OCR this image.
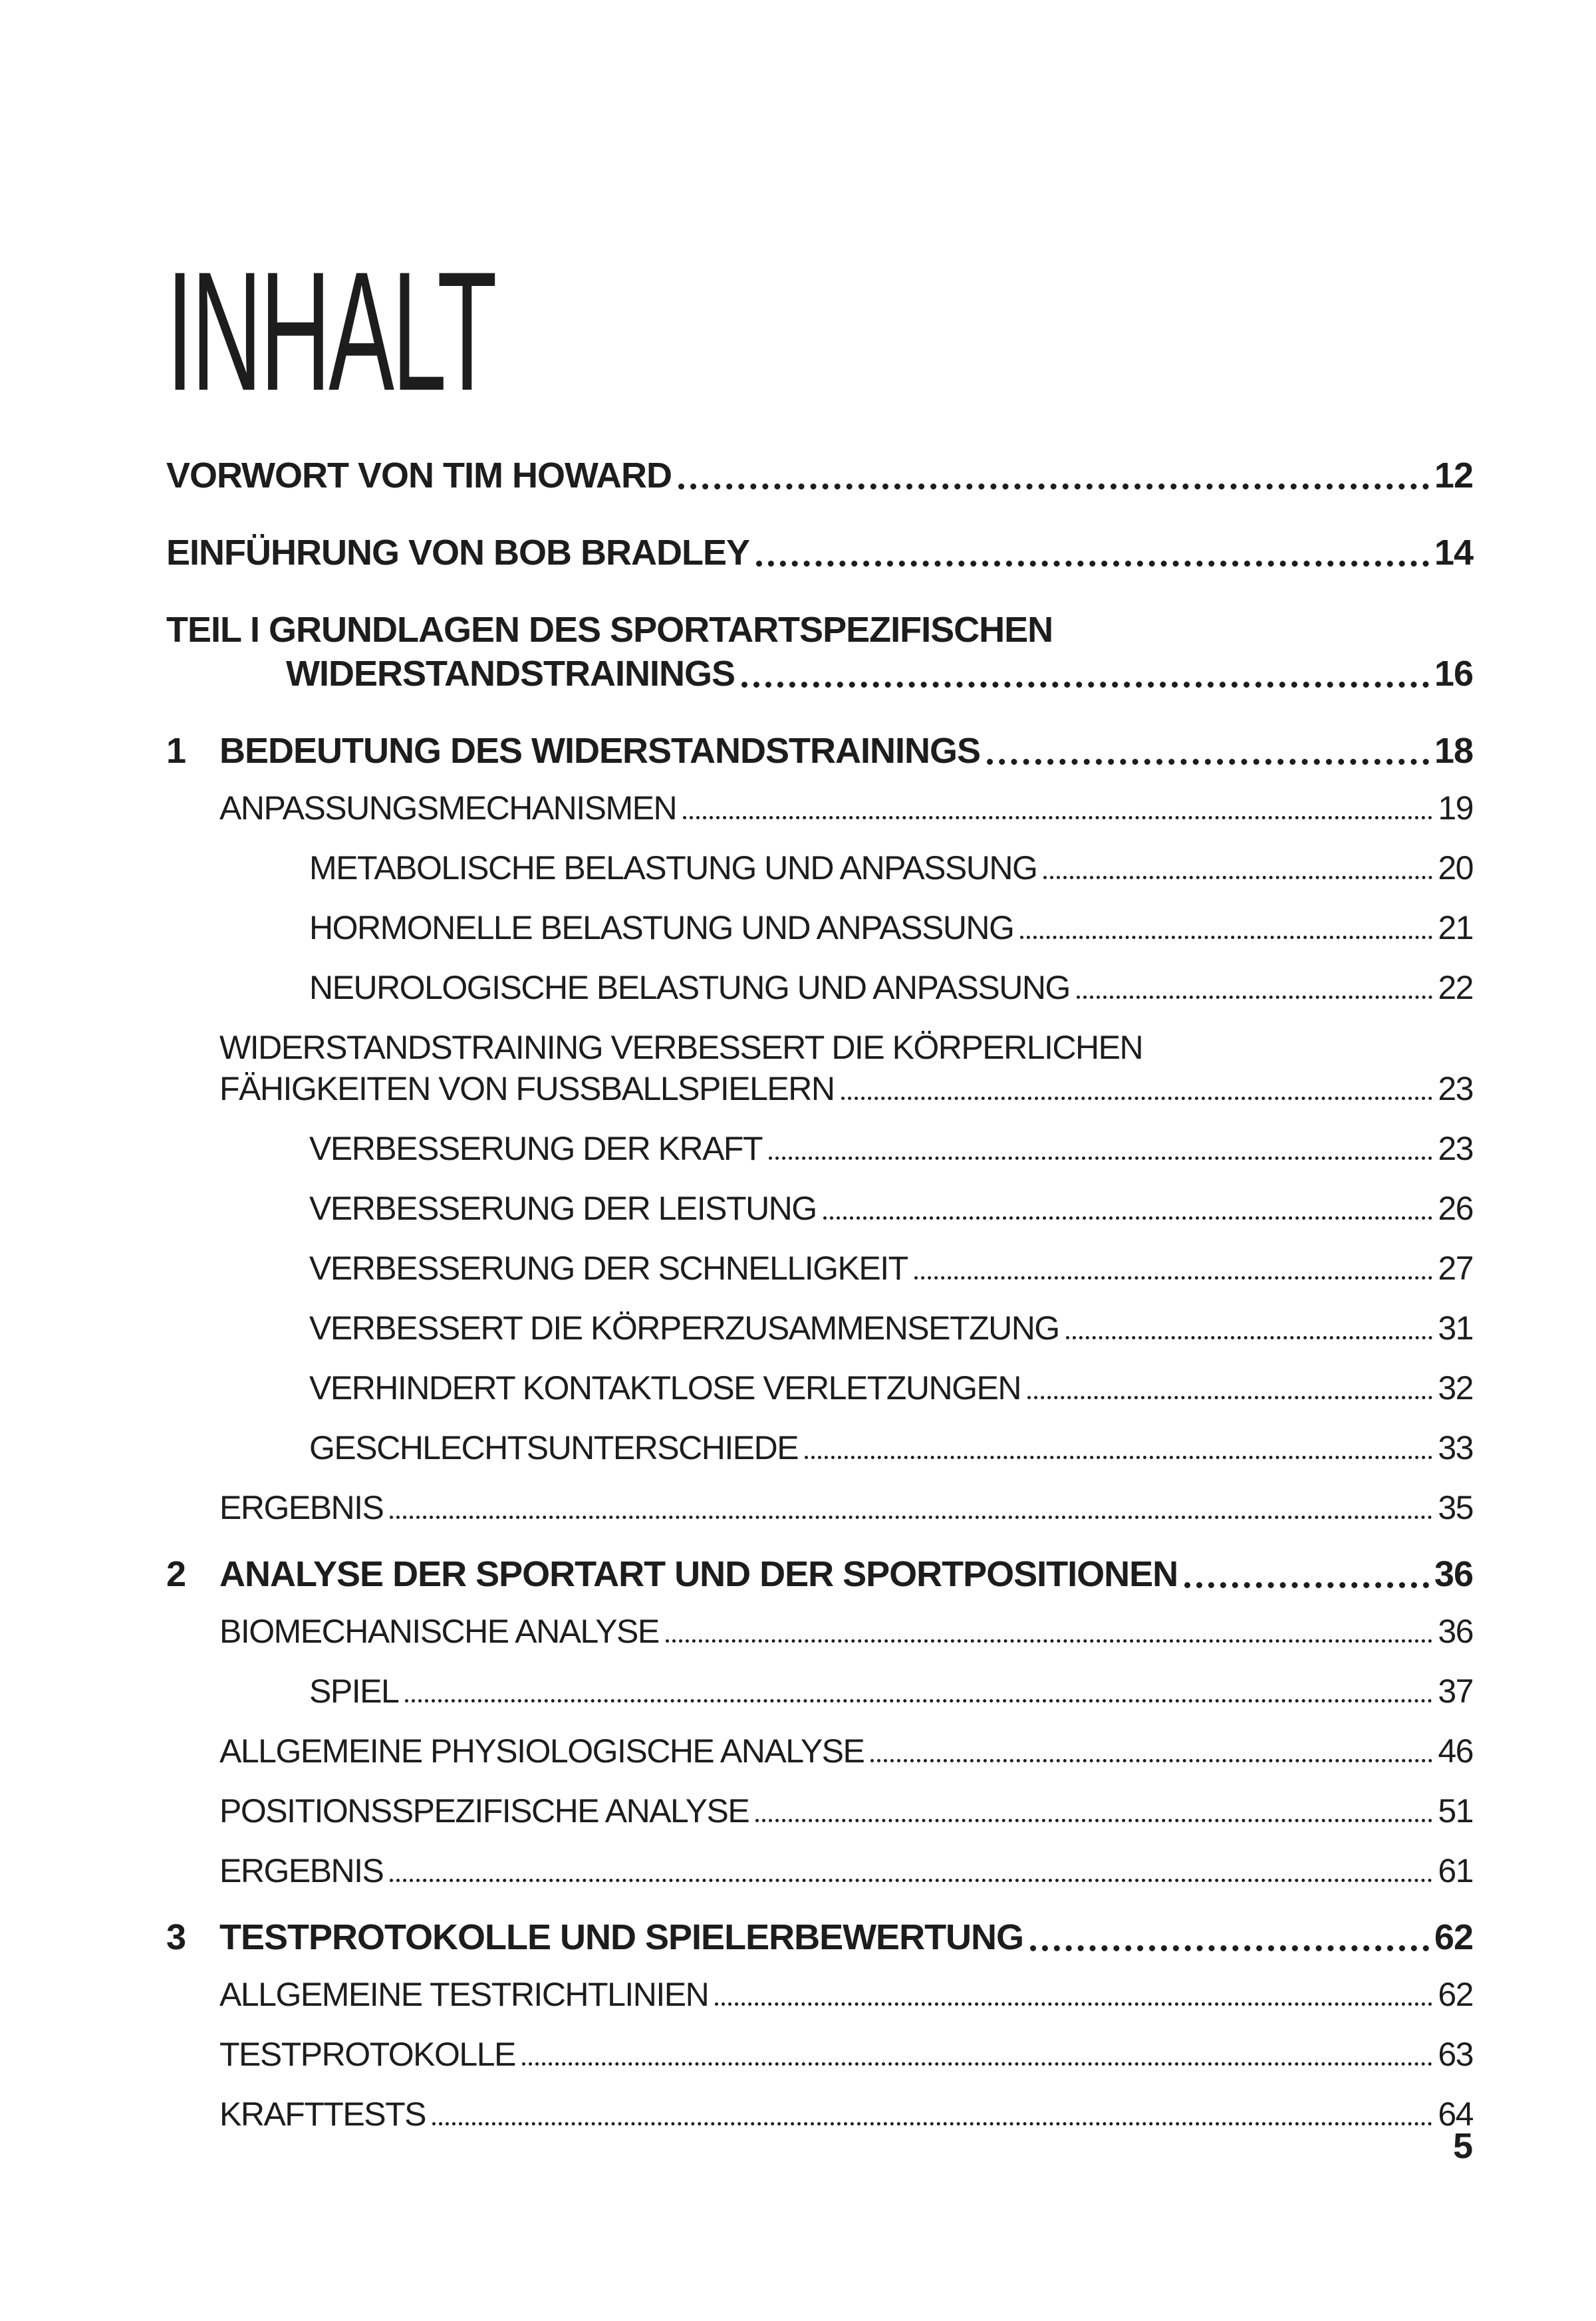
INHALT
VORWORT VON TIM HOWARD	12
EINFÜHRUNG VON BOB BRADLEY	14
TEIL I GRUNDLAGEN DES SPORTARTSPEZIFISCHEN
WIDERSTANDSTRAININGS	16
1 BEDEUTUNG DES WIDERSTANDSTRAININGS	18
ANPASSUNGSMECHANISMEN	19
METABOLISCHE BELASTUNG UND ANPASSUNG	20
HORMONELLE BELASTUNG UND ANPASSUNG	21
NEUROLOGISCHE BELASTUNG UND ANPASSUNG	22
WIDERSTANDSTRAINING VERBESSERT DIE KÖRPERLICHEN
FÄHIGKEITEN VON FUSSBALLSPIELERN	23
VERBESSERUNG DER KRAFT	23
VERBESSERUNG DER LEISTUNG	26
VERBESSERUNG DER SCHNELLIGKEIT	27
VERBESSERT DIE KÖRPERZUSAMMENSETZUNG	31
VERHINDERT KONTAKTLOSE VERLETZUNGEN	32
GESCHLECHTSUNTERSCHIEDE	33
ERGEBNIS	35
2 ANALYSE DER SPORTART UND DER SPORTPOSITIONEN	36
BIOMECHANISCHE ANALYSE	36
SPIEL	37
ALLGEMEINE PHYSIOLOGISCHE ANALYSE	46
POSITIONSSPEZIFISCHE ANALYSE	51
ERGEBNIS	61
3 TESTPROTOKOLLE UND SPIELERBEWERTUNG	62
ALLGEMEINE TESTRICHTLINIEN	62
TESTPROTOKOLLE	63
KRAFTTESTS	64
5
